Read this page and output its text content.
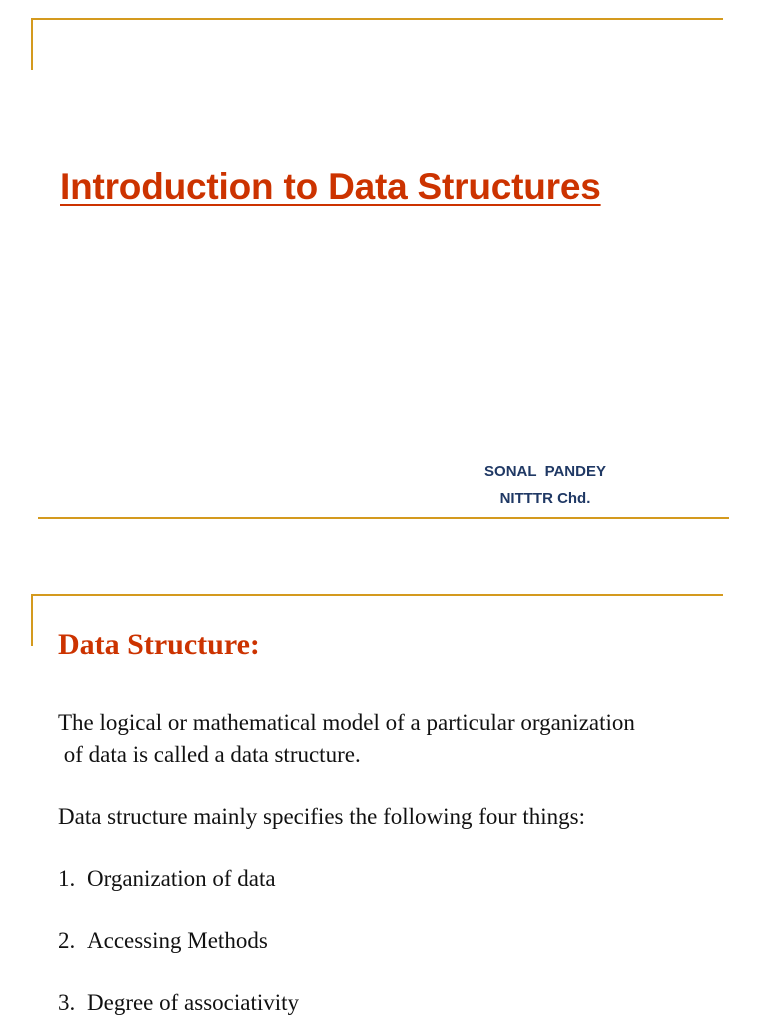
Introduction to Data Structures
SONAL  PANDEY
NITTTR Chd.
Data Structure:
The logical or mathematical model of a particular organization
of data is called a data structure.
Data structure mainly specifies the following four things:
1. Organization of data
2. Accessing Methods
3. Degree of associativity
